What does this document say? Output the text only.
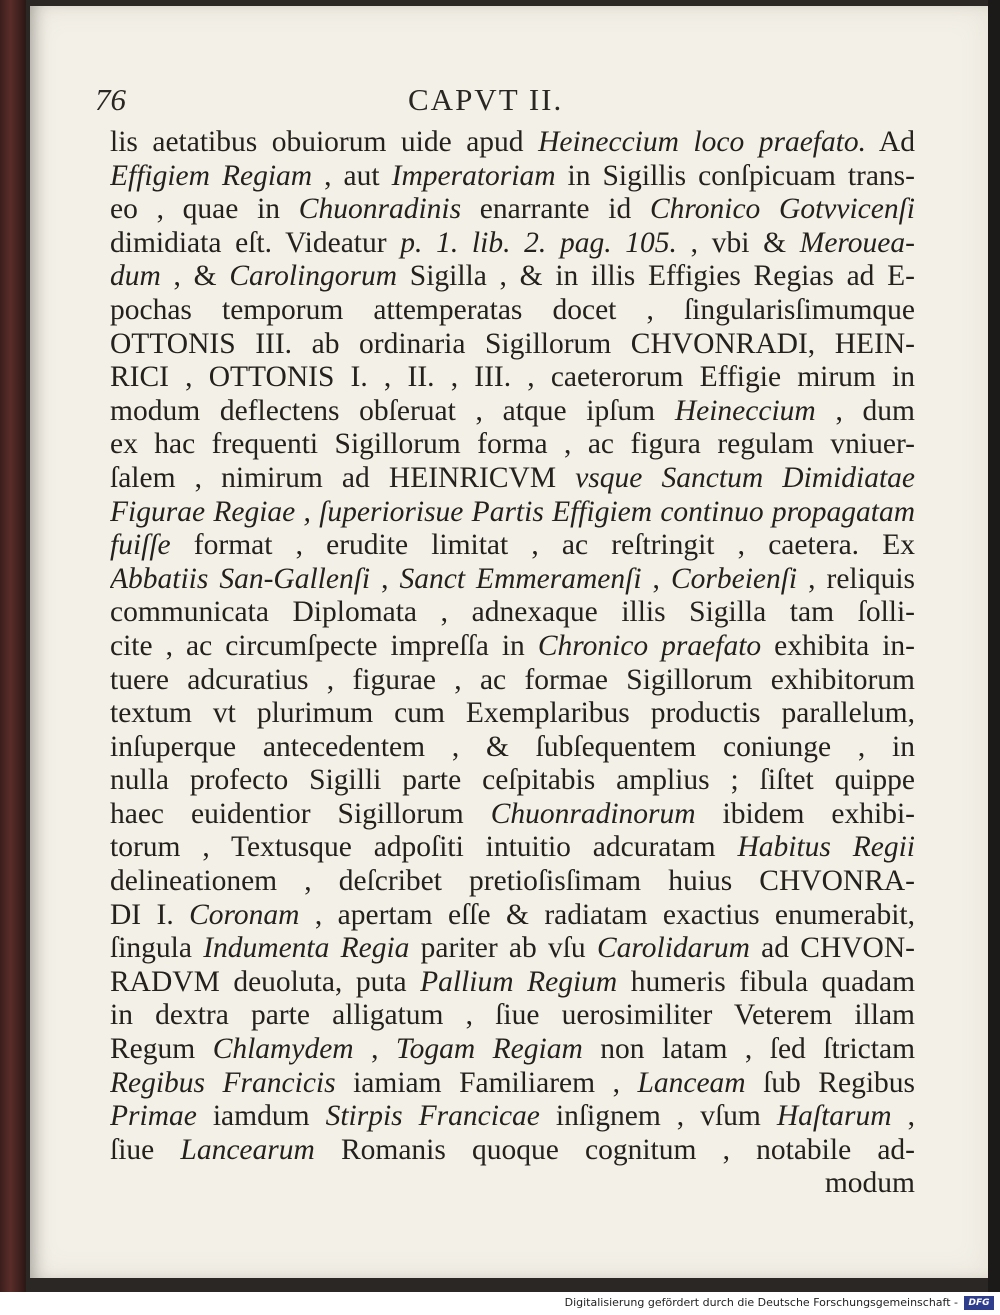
76	CAPVT II.
lis aetatibus obuiorum uide apud Heineccium loco praefato. Ad
Effigiem Regiam , aut Imperatoriam in Sigillis conſpicuam trans-
eo , quae in Chuonradinis enarrante id Chronico Gotvvicenſi
dimidiata eſt. Videatur p. 1. lib. 2. pag. 105. , vbi & Merouea-
dum , & Carolingorum Sigilla , & in illis Effigies Regias ad E-
pochas temporum attemperatas docet , ſingularisſimumque
OTTONIS III. ab ordinaria Sigillorum CHVONRADI, HEIN-
RICI , OTTONIS I. , II. , III. , caeterorum Effigie mirum in
modum deflectens obſeruat , atque ipſum Heineccium , dum
ex hac frequenti Sigillorum forma , ac figura regulam vniuer-
ſalem , nimirum ad HEINRICVM vsque Sanctum Dimidiatae
Figurae Regiae , ſuperiorisue Partis Effigiem continuo propagatam
fuiſſe format , erudite limitat , ac reſtringit , caetera. Ex
Abbatiis San-Gallenſi , Sanct Emmeramenſi , Corbeienſi , reliquis
communicata Diplomata , adnexaque illis Sigilla tam ſolli-
cite , ac circumſpecte impreſſa in Chronico praefato exhibita in-
tuere adcuratius , figurae , ac formae Sigillorum exhibitorum
textum vt plurimum cum Exemplaribus productis parallelum,
inſuperque antecedentem , & ſubſequentem coniunge , in
nulla profecto Sigilli parte ceſpitabis amplius ; ſiſtet quippe
haec euidentior Sigillorum Chuonradinorum ibidem exhibi-
torum , Textusque adpoſiti intuitio adcuratam Habitus Regii
delineationem , deſcribet pretioſisſimam huius CHVONRA-
DI I. Coronam , apertam eſſe & radiatam exactius enumerabit,
ſingula Indumenta Regia pariter ab vſu Carolidarum ad CHVON-
RADVM deuoluta, puta Pallium Regium humeris fibula quadam
in dextra parte alligatum , ſiue uerosimiliter Veterem illam
Regum Chlamydem , Togam Regiam non latam , ſed ſtrictam
Regibus Francicis iamiam Familiarem , Lanceam ſub Regibus
Primae iamdum Stirpis Francicae inſignem , vſum Haſtarum ,
ſiue Lancearum Romanis quoque cognitum , notabile ad-
modum
Digitalisierung gefördert durch die Deutsche Forschungsgemeinschaft -	DFG
